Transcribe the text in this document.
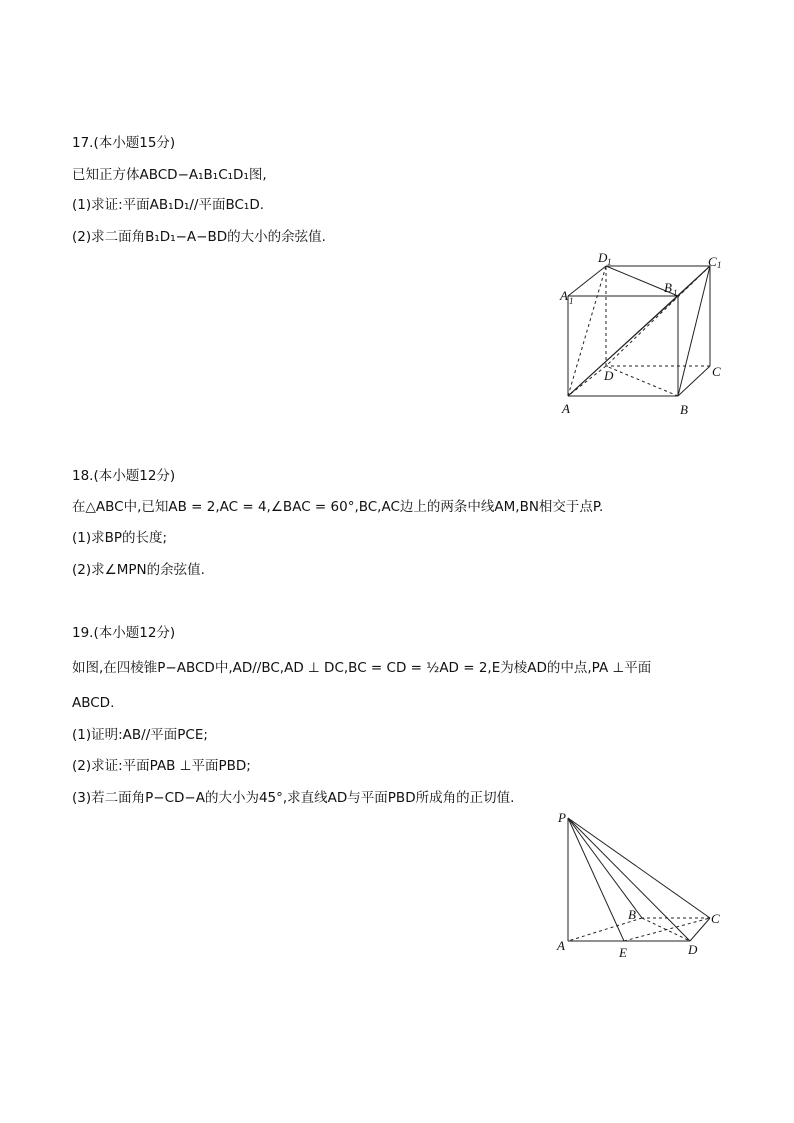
17.(本小题15分)
已知正方体ABCD−A₁B₁C₁D₁图,
(1)求证:平面AB₁D₁//平面BC₁D.
(2)求二面角B₁D₁−A−BD的大小的余弦值.
A	B
C
D
A 1
B 1
C 1
D 1
18.(本小题12分)
在△ABC中,已知AB = 2,AC = 4,∠BAC = 60°,BC,AC边上的两条中线AM,BN相交于点P.
(1)求BP的长度;
(2)求∠MPN的余弦值.
19.(本小题12分)
如图,在四棱锥P−ABCD中,AD//BC,AD ⊥ DC,BC = CD = ½AD = 2,E为棱AD的中点,PA ⊥平面
ABCD.
(1)证明:AB//平面PCE;
(2)求证:平面PAB ⊥平面PBD;
(3)若二面角P−CD−A的大小为45°,求直线AD与平面PBD所成角的正切值.
P
A	E	D
C
B
